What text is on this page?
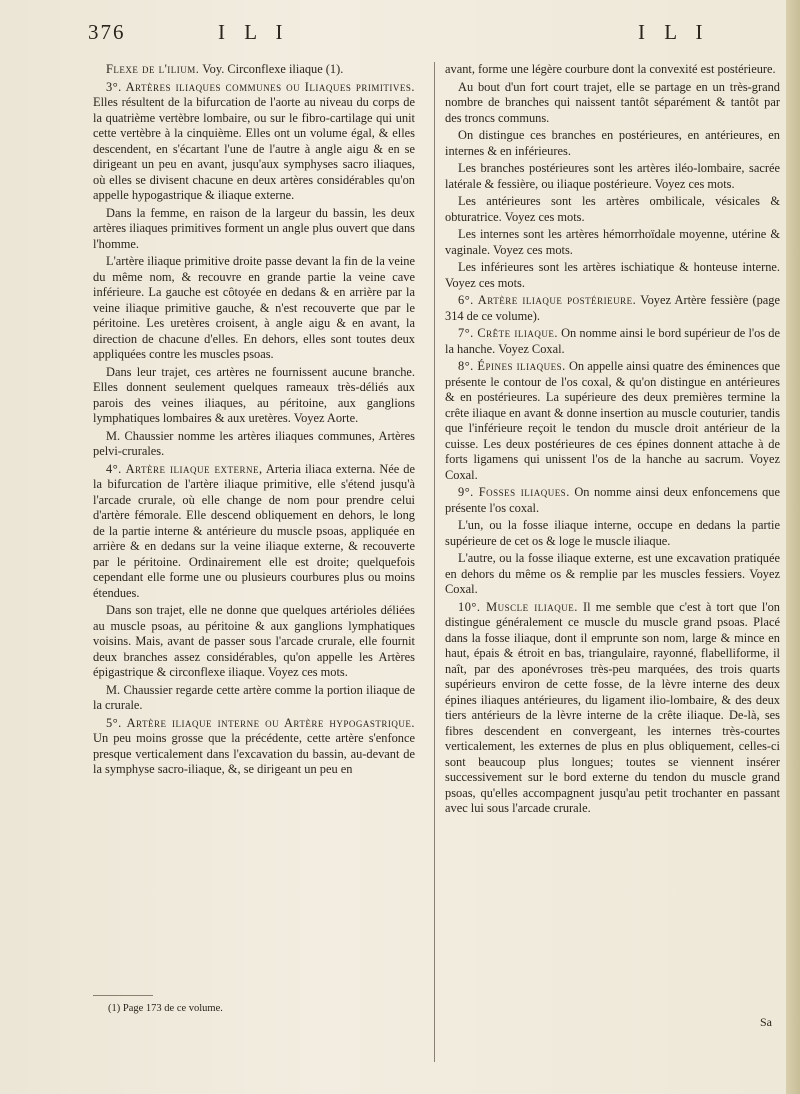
376	I L I	I L I

Flexe de l'ilium. Voy. Circonflexe iliaque (1).

3°. Artères iliaques communes ou Iliaques primitives. Elles résultent de la bifurcation de l'aorte au niveau du corps de la quatrième vertèbre lombaire, ou sur le fibro-cartilage qui unit cette vertèbre à la cinquième. Elles ont un volume égal, & elles descendent, en s'écartant l'une de l'autre à angle aigu & en se dirigeant un peu en avant, jusqu'aux symphyses sacro iliaques, où elles se divisent chacune en deux artères considérables qu'on appelle hypogastrique & iliaque externe.

Dans la femme, en raison de la largeur du bassin, les deux artères iliaques primitives forment un angle plus ouvert que dans l'homme.

L'artère iliaque primitive droite passe devant la fin de la veine du même nom, & recouvre en grande partie la veine cave inférieure. La gauche est côtoyée en dedans & en arrière par la veine iliaque primitive gauche, & n'est recouverte que par le péritoine. Les uretères croisent, à angle aigu & en avant, la direction de chacune d'elles. En dehors, elles sont toutes deux appliquées contre les muscles psoas.

Dans leur trajet, ces artères ne fournissent aucune branche. Elles donnent seulement quelques rameaux très-déliés aux parois des veines iliaques, au péritoine, aux ganglions lymphatiques lombaires & aux uretères. Voyez Aorte.

M. Chaussier nomme les artères iliaques communes, Artères pelvi-crurales.

4°. Artère iliaque externe, Arteria iliaca externa. Née de la bifurcation de l'artère iliaque primitive, elle s'étend jusqu'à l'arcade crurale, où elle change de nom pour prendre celui d'artère fémorale. Elle descend obliquement en dehors, le long de la partie interne & antérieure du muscle psoas, appliquée en arrière & en dedans sur la veine iliaque externe, & recouverte par le péritoine. Ordinairement elle est droite; quelquefois cependant elle forme une ou plusieurs courbures plus ou moins étendues.

Dans son trajet, elle ne donne que quelques artérioles déliées au muscle psoas, au péritoine & aux ganglions lymphatiques voisins. Mais, avant de passer sous l'arcade crurale, elle fournit deux branches assez considérables, qu'on appelle les Artères épigastrique & circonflexe iliaque. Voyez ces mots.

M. Chaussier regarde cette artère comme la portion iliaque de la crurale.

5°. Artère iliaque interne ou Artère hypogastrique. Un peu moins grosse que la précédente, cette artère s'enfonce presque verticalement dans l'excavation du bassin, au-devant de la symphyse sacro-iliaque, &, se dirigeant un peu en

avant, forme une légère courbure dont la convexité est postérieure.

Au bout d'un fort court trajet, elle se partage en un très-grand nombre de branches qui naissent tantôt séparément & tantôt par des troncs communs.

On distingue ces branches en postérieures, en antérieures, en internes & en inférieures.

Les branches postérieures sont les artères iléo-lombaire, sacrée latérale & fessière, ou iliaque postérieure. Voyez ces mots.

Les antérieures sont les artères ombilicale, vésicales & obturatrice. Voyez ces mots.

Les internes sont les artères hémorrhoïdale moyenne, utérine & vaginale. Voyez ces mots.

Les inférieures sont les artères ischiatique & honteuse interne. Voyez ces mots.

6°. Artère iliaque postérieure. Voyez Artère fessière (page 314 de ce volume).

7°. Crête iliaque. On nomme ainsi le bord supérieur de l'os de la hanche. Voyez Coxal.

8°. Épines iliaques. On appelle ainsi quatre des éminences que présente le contour de l'os coxal, & qu'on distingue en antérieures & en postérieures. La supérieure des deux premières termine la crête iliaque en avant & donne insertion au muscle couturier, tandis que l'inférieure reçoit le tendon du muscle droit antérieur de la cuisse. Les deux postérieures de ces épines donnent attache à de forts ligamens qui unissent l'os de la hanche au sacrum. Voyez Coxal.

9°. Fosses iliaques. On nomme ainsi deux enfoncemens que présente l'os coxal.

L'un, ou la fosse iliaque interne, occupe en dedans la partie supérieure de cet os & loge le muscle iliaque.

L'autre, ou la fosse iliaque externe, est une excavation pratiquée en dehors du même os & remplie par les muscles fessiers. Voyez Coxal.

10°. Muscle iliaque. Il me semble que c'est à tort que l'on distingue généralement ce muscle du muscle grand psoas. Placé dans la fosse iliaque, dont il emprunte son nom, large & mince en haut, épais & étroit en bas, triangulaire, rayonné, flabelliforme, il naît, par des aponévroses très-peu marquées, des trois quarts supérieurs environ de cette fosse, de la lèvre interne des deux épines iliaques antérieures, du ligament ilio-lombaire, & des deux tiers antérieurs de la lèvre interne de la crête iliaque. De-là, ses fibres descendent en convergeant, les internes très-courtes verticalement, les externes de plus en plus obliquement, celles-ci sont beaucoup plus longues; toutes se viennent insérer successivement sur le bord externe du tendon du muscle grand psoas, qu'elles accompagnent jusqu'au petit trochanter en passant avec lui sous l'arcade crurale.

(1) Page 173 de ce volume.
Sa
